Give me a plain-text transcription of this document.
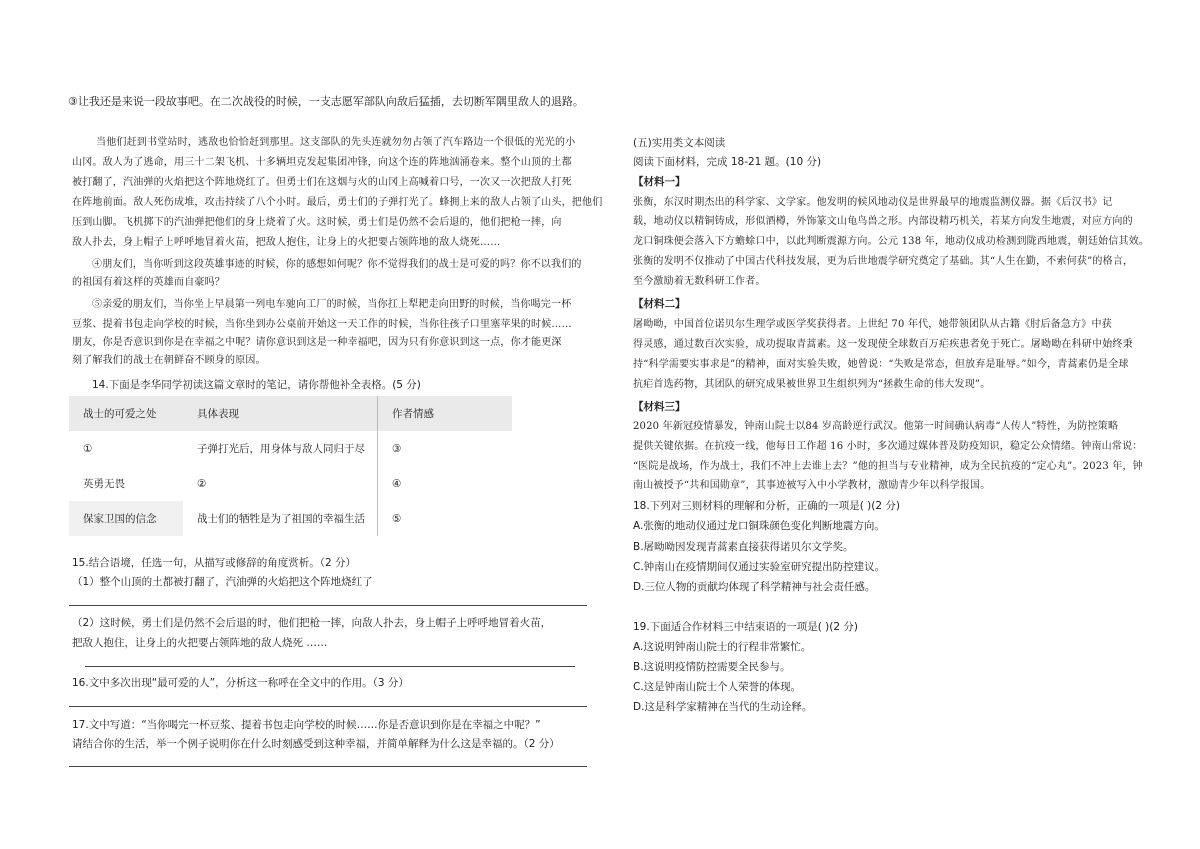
③让我还是来说一段故事吧。在二次战役的时候，一支志愿军部队向敌后猛插，去切断军隅里敌人的退路。
当他们赶到书堂站时，逃敌也恰恰赶到那里。这支部队的先头连就勿勿占领了汽车路边一个很低的光光的小
山冈。敌人为了逃命，用三十二架飞机、十多辆坦克发起集团冲锋，向这个连的阵地汹涌卷来。整个山顶的土都
被打翻了，汽油弹的火焰把这个阵地烧红了。但勇士们在这烟与火的山冈上高喊着口号，一次又一次把敌人打死
在阵地前面。敌人死伤成堆，攻击持续了八个小时。最后，勇士们的子弹打光了。蜂拥上来的敌人占领了山头，把他们
压到山脚。飞机掷下的汽油弹把他们的身上烧着了火。这时候，勇士们是仍然不会后退的，他们把枪一摔，向
敌人扑去，身上帽子上呼呼地冒着火苗，把敌人抱住，让身上的火把要占领阵地的敌人烧死……
④朋友们，当你听到这段英雄事迹的时候，你的感想如何呢？你不觉得我们的战士是可爱的吗？你不以我们的
的祖国有着这样的英雄而自豪吗？
⑤亲爱的朋友们，当你坐上早晨第一列电车驰向工厂的时候，当你扛上犁耙走向田野的时候，当你喝完一杯
豆浆、提着书包走向学校的时候，当你坐到办公桌前开始这一天工作的时候，当你往孩子口里塞苹果的时候……
朋友，你是否意识到你是在幸福之中呢？请你意识到这是一种幸福吧，因为只有你意识到这一点，你才能更深
刻了解我们的战士在朝鲜奋不顾身的原因。
14.下面是李华同学初读这篇文章时的笔记，请你帮他补全表格。(5 分)
战士的可爱之处	具体表现	作者情感
①	子弹打光后，用身体与敌人同归于尽	③
英勇无畏	②	④
保家卫国的信念	战士们的牺牲是为了祖国的幸福生活	⑤
15.结合语境，任选一句，从描写或修辞的角度赏析。（2 分）
（1）整个山顶的土都被打翻了，汽油弹的火焰把这个阵地烧红了
（2）这时候，勇士们是仍然不会后退的时，他们把枪一摔，向敌人扑去，身上帽子上呼呼地冒着火苗，
把敌人抱住，让身上的火把要占领阵地的敌人烧死 ……
16.文中多次出现“最可爱的人”，分析这一称呼在全文中的作用。（3 分）
17.文中写道：“当你喝完一杯豆浆、提着书包走向学校的时候……你是否意识到你是在幸福之中呢？”
请结合你的生活，举一个例子说明你在什么时刻感受到这种幸福，并简单解释为什么这是幸福的。（2 分）
(五)实用类文本阅读
阅读下面材料，完成 18-21 题。(10 分)
【材料一】
张衡，东汉时期杰出的科学家、文学家。他发明的候风地动仪是世界最早的地震监测仪器。据《后汉书》记
载，地动仪以精铜铸成，形似酒樽，外饰篆文山龟鸟兽之形。内部设精巧机关，若某方向发生地震，对应方向的
龙口铜珠便会落入下方蟾蜍口中，以此判断震源方向。公元 138 年，地动仪成功检测到陇西地震，朝廷始信其效。
张衡的发明不仅推动了中国古代科技发展，更为后世地震学研究奠定了基础。其“人生在勤，不索何获”的格言，
至今激励着无数科研工作者。
【材料二】
屠呦呦，中国首位诺贝尔生理学或医学奖获得者。上世纪 70 年代，她带领团队从古籍《肘后备急方》中获
得灵感，通过数百次实验，成功提取青蒿素。这一发现使全球数百万疟疾患者免于死亡。屠呦呦在科研中始终秉
持“科学需要实事求是”的精神，面对实验失败，她曾说：“失败是常态，但放弃是耻辱。”如今，青蒿素仍是全球
抗疟首选药物，其团队的研究成果被世界卫生组织列为“拯救生命的伟大发现”。
【材料三】
2020 年新冠疫情暴发，钟南山院士以84 岁高龄逆行武汉。他第一时间确认病毒“人传人”特性，为防控策略
提供关键依据。在抗疫一线，他每日工作超 16 小时，多次通过媒体普及防疫知识，稳定公众情绪。钟南山常说：
“医院是战场，作为战士，我们不冲上去谁上去？”他的担当与专业精神，成为全民抗疫的“定心丸”。2023 年，钟
南山被授予“共和国勋章”，其事迹被写入中小学教材，激励青少年以科学报国。
18.下列对三则材料的理解和分析，正确的一项是( )(2 分)
A.张衡的地动仪通过龙口铜珠颜色变化判断地震方向。
B.屠呦呦因发现青蒿素直接获得诺贝尔文学奖。
C.钟南山在疫情期间仅通过实验室研究提出防控建议。
D.三位人物的贡献均体现了科学精神与社会责任感。
19.下面适合作材料三中结束语的一项是( )(2 分)
A.这说明钟南山院士的行程非常繁忙。
B.这说明疫情防控需要全民参与。
C.这是钟南山院士个人荣誉的体现。
D.这是科学家精神在当代的生动诠释。
